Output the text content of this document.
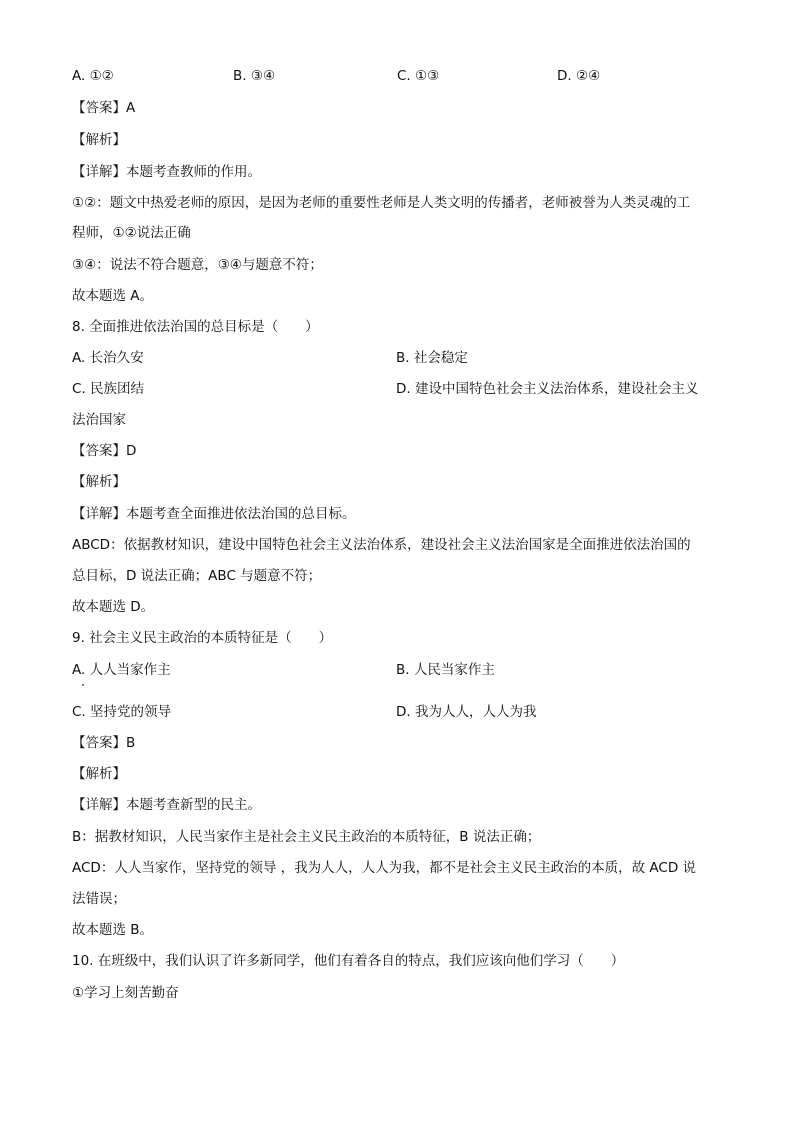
A. ①②	B. ③④	C. ①③	D. ②④
【答案】A
【解析】
【详解】本题考查教师的作用。
①②：题文中热爱老师的原因，是因为老师的重要性老师是人类文明的传播者，老师被誉为人类灵魂的工
程师，①②说法正确
③④：说法不符合题意，③④与题意不符；
故本题选 A。
8. 全面推进依法治国的总目标是（　　）
A. 长治久安	B. 社会稳定
C. 民族团结	D. 建设中国特色社会主义法治体系，建设社会主义
法治国家
【答案】D
【解析】
【详解】本题考查全面推进依法治国的总目标。
ABCD：依据教材知识，建设中国特色社会主义法治体系，建设社会主义法治国家是全面推进依法治国的
总目标，D 说法正确；ABC 与题意不符；
故本题选 D。
9. 社会主义民主政治的本质特征是（　　）
A. 人人当家作主	B. 人民当家作主
C. 坚持党的领导	D. 我为人人，人人为我
【答案】B
【解析】
【详解】本题考查新型的民主。
B：据教材知识，人民当家作主是社会主义民主政治的本质特征，B 说法正确；
ACD：人人当家作，坚持党的领导 ，我为人人，人人为我，都不是社会主义民主政治的本质，故 ACD 说
法错误；
故本题选 B。
10. 在班级中，我们认识了许多新同学，他们有着各自的特点，我们应该向他们学习（　　）
①学习上刻苦勤奋
